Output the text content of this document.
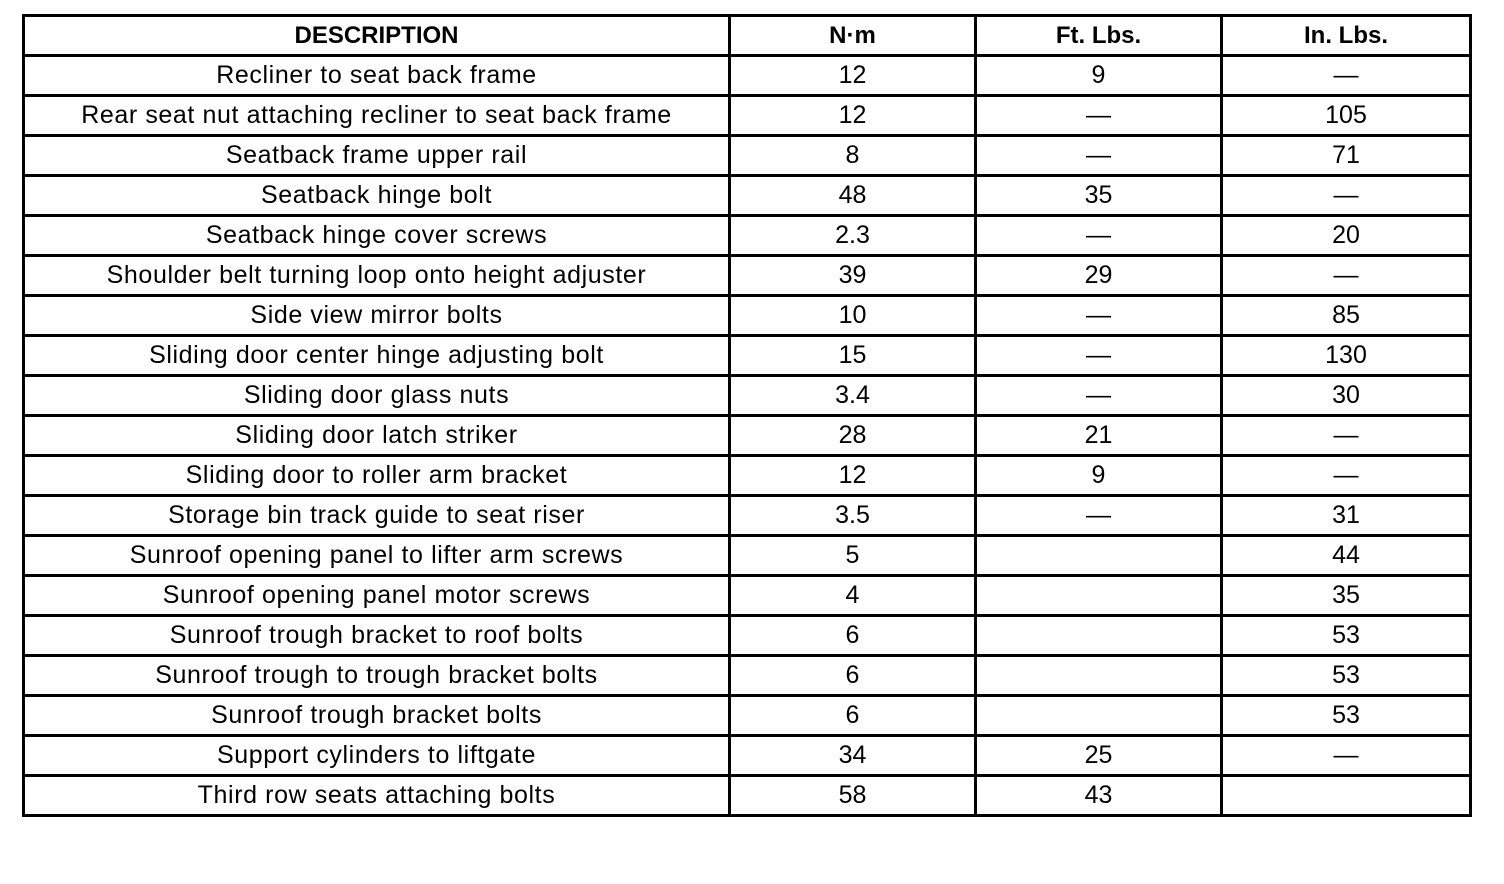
DESCRIPTION	N·m	Ft. Lbs.	In. Lbs.
Recliner to seat back frame	12	9	—
Rear seat nut attaching recliner to seat back frame	12	—	105
Seatback frame upper rail	8	—	71
Seatback hinge bolt	48	35	—
Seatback hinge cover screws	2.3	—	20
Shoulder belt turning loop onto height adjuster	39	29	—
Side view mirror bolts	10	—	85
Sliding door center hinge adjusting bolt	15	—	130
Sliding door glass nuts	3.4	—	30
Sliding door latch striker	28	21	—
Sliding door to roller arm bracket	12	9	—
Storage bin track guide to seat riser	3.5	—	31
Sunroof opening panel to lifter arm screws	5		44
Sunroof opening panel motor screws	4		35
Sunroof trough bracket to roof bolts	6		53
Sunroof trough to trough bracket bolts	6		53
Sunroof trough bracket bolts	6		53
Support cylinders to liftgate	34	25	—
Third row seats attaching bolts	58	43	
